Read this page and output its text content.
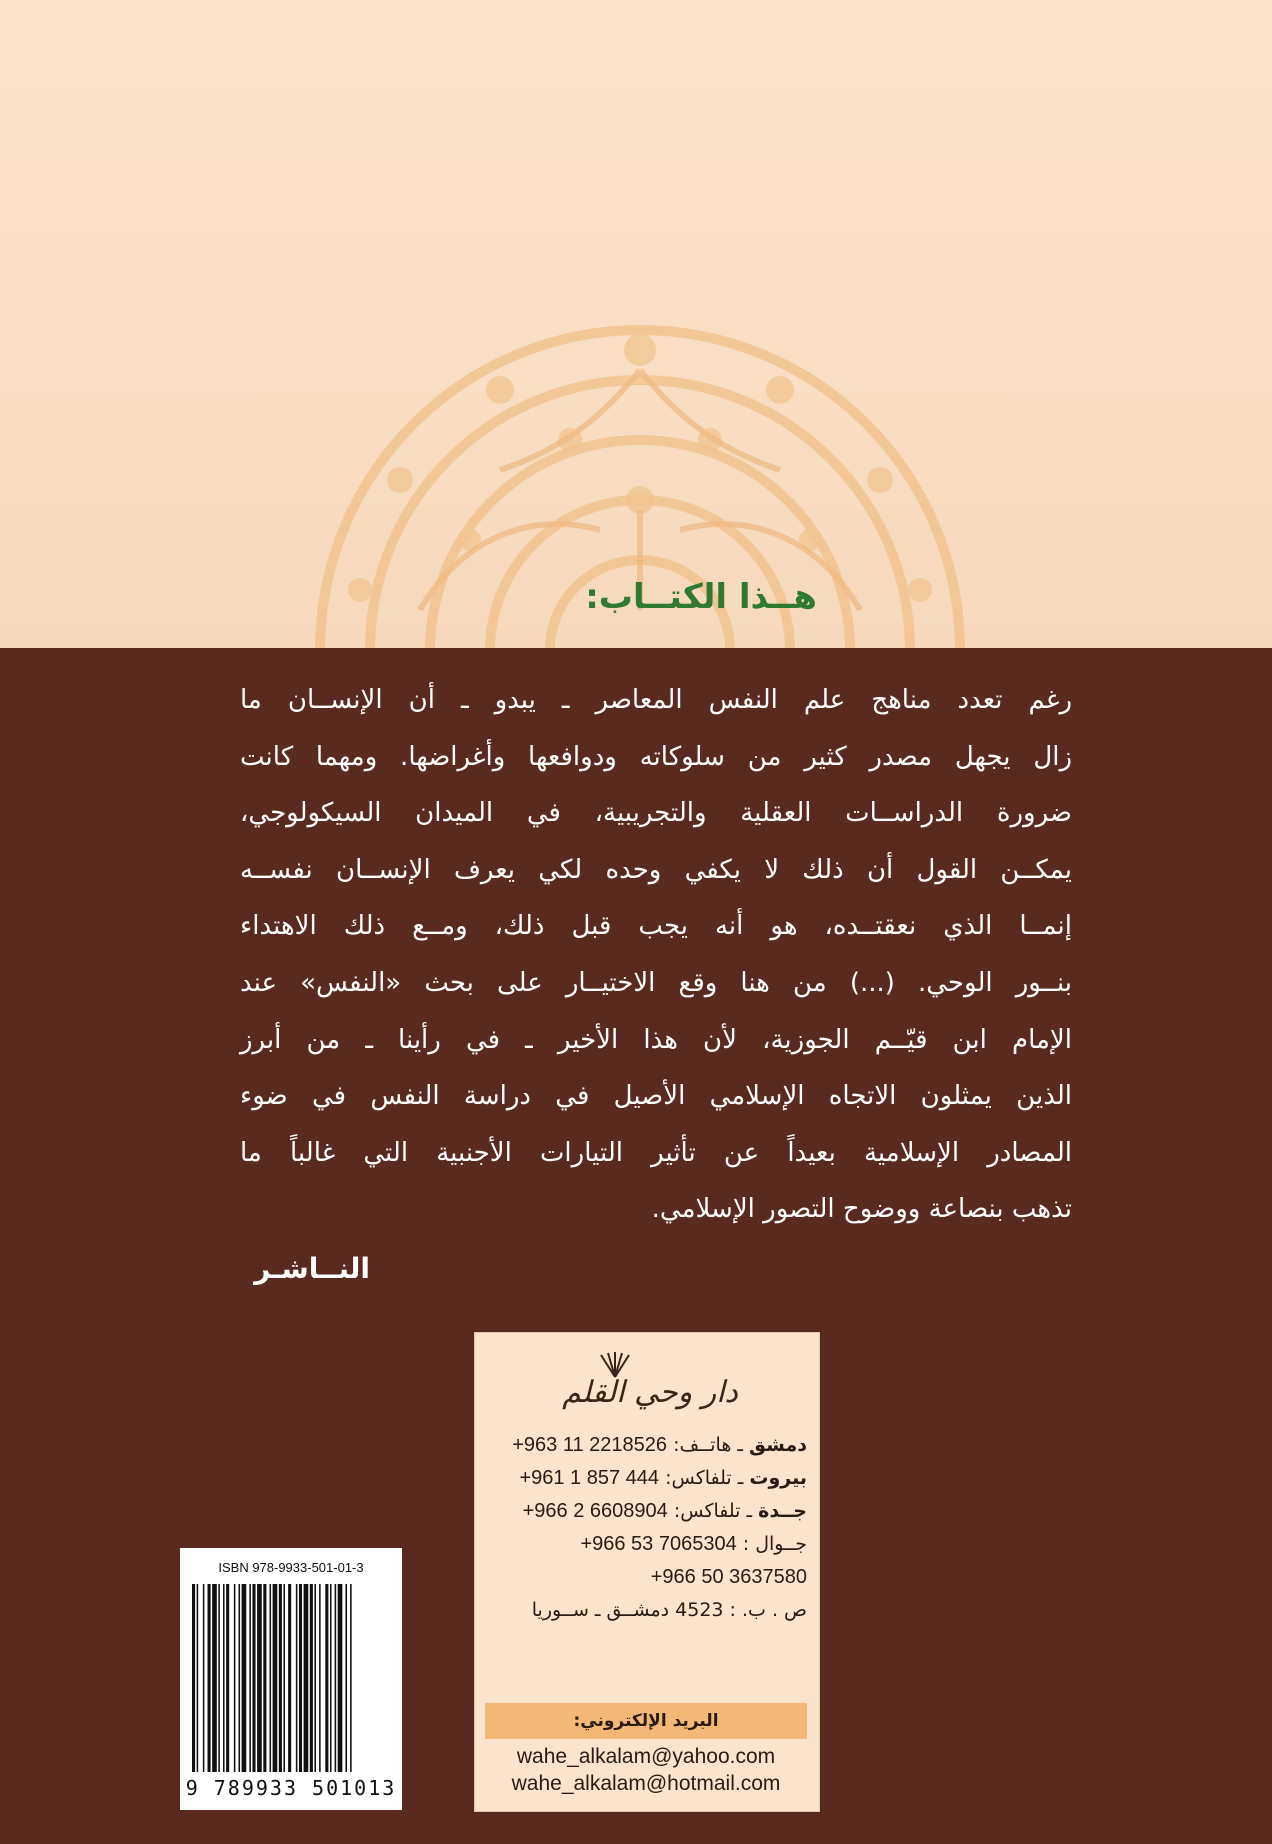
هــذا الكتــاب:
رغم تعدد مناهج علم النفس المعاصر ـ يبدو ـ أن الإنســان ما
زال يجهل مصدر كثير من سلوكاته ودوافعها وأغراضها. ومهما كانت
ضرورة الدراســات العقلية والتجريبية، في الميدان السيكولوجي،
يمكــن القول أن ذلك لا يكفي وحده لكي يعرف الإنســان نفســه
إنمــا الذي نعقتــده، هو أنه يجب قبل ذلك، ومــع ذلك الاهتداء
بنــور الوحي. (...) من هنا وقع الاختيــار على بحث «النفس» عند
الإمام ابن قيّــم الجوزية، لأن هذا الأخير ـ في رأينا ـ من أبرز
الذين يمثلون الاتجاه الإسلامي الأصيل في دراسة النفس في ضوء
المصادر الإسلامية بعيداً عن تأثير التيارات الأجنبية التي غالباً ما
تذهب بنصاعة ووضوح التصور الإسلامي.
النــاشـر
دار وحي القلم
دمشق ـ هاتــف: +963 11 2218526
بيروت ـ تلفاكس: +961 1 857 444
جــدة ـ تلفاكس: +966 2 6608904
جــوال : +966 53 7065304
+966 50 3637580
ص . ب. : 4523 دمشــق ـ ســوريا
البريد الإلكتروني:
wahe_alkalam@yahoo.com
wahe_alkalam@hotmail.com
ISBN 978-9933-501-01-3
9 789933 501013
